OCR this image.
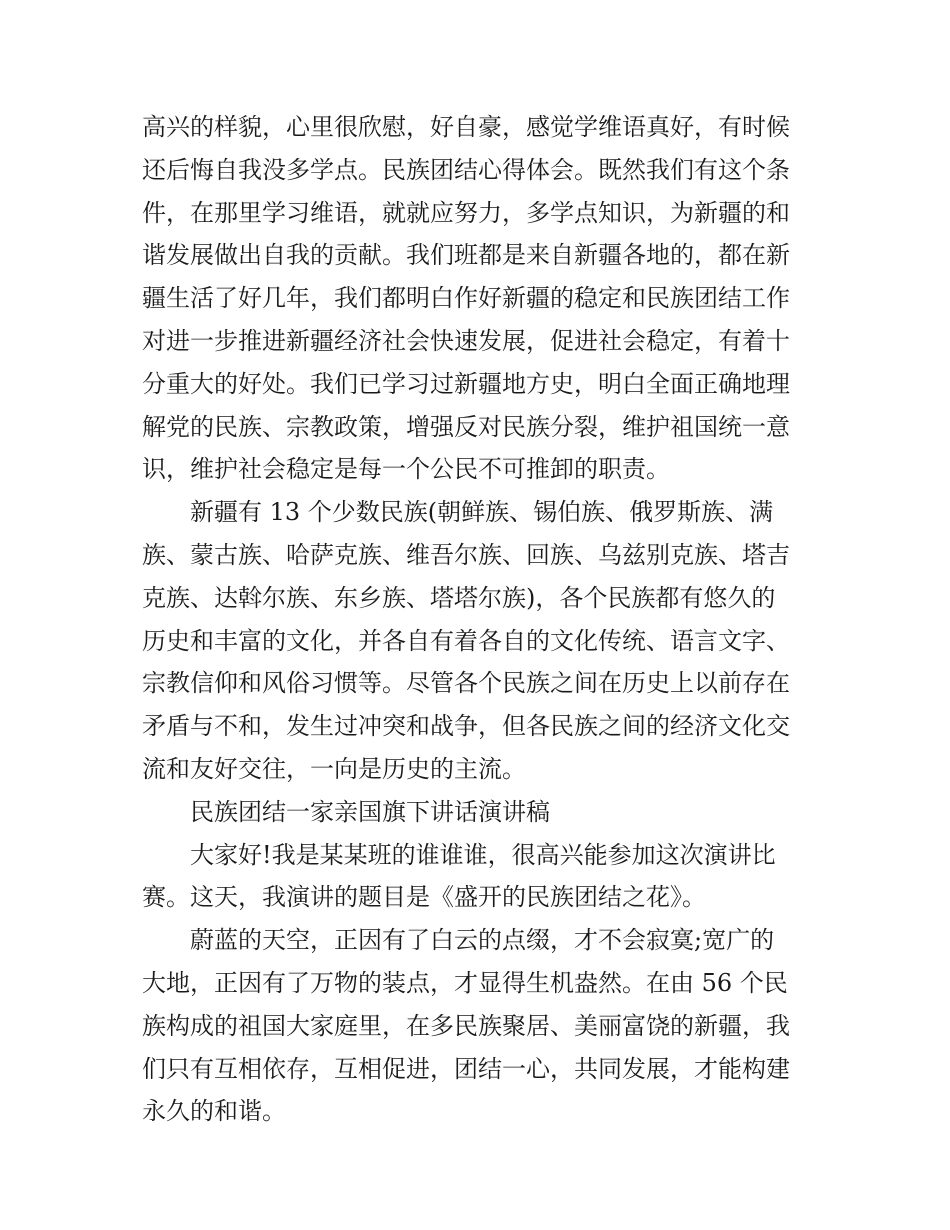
高兴的样貌，心里很欣慰，好自豪，感觉学维语真好，有时候
还后悔自我没多学点。民族团结心得体会。既然我们有这个条
件，在那里学习维语，就就应努力，多学点知识，为新疆的和
谐发展做出自我的贡献。我们班都是来自新疆各地的，都在新
疆生活了好几年，我们都明白作好新疆的稳定和民族团结工作
对进一步推进新疆经济社会快速发展，促进社会稳定，有着十
分重大的好处。我们已学习过新疆地方史，明白全面正确地理
解党的民族、宗教政策，增强反对民族分裂，维护祖国统一意
识，维护社会稳定是每一个公民不可推卸的职责。
新疆有 13 个少数民族(朝鲜族、锡伯族、俄罗斯族、满
族、蒙古族、哈萨克族、维吾尔族、回族、乌兹别克族、塔吉
克族、达斡尔族、东乡族、塔塔尔族)，各个民族都有悠久的
历史和丰富的文化，并各自有着各自的文化传统、语言文字、
宗教信仰和风俗习惯等。尽管各个民族之间在历史上以前存在
矛盾与不和，发生过冲突和战争，但各民族之间的经济文化交
流和友好交往，一向是历史的主流。
民族团结一家亲国旗下讲话演讲稿
大家好!我是某某班的谁谁谁，很高兴能参加这次演讲比
赛。这天，我演讲的题目是《盛开的民族团结之花》。
蔚蓝的天空，正因有了白云的点缀，才不会寂寞;宽广的
大地，正因有了万物的装点，才显得生机盎然。在由 56 个民
族构成的祖国大家庭里，在多民族聚居、美丽富饶的新疆，我
们只有互相依存，互相促进，团结一心，共同发展，才能构建
永久的和谐。
